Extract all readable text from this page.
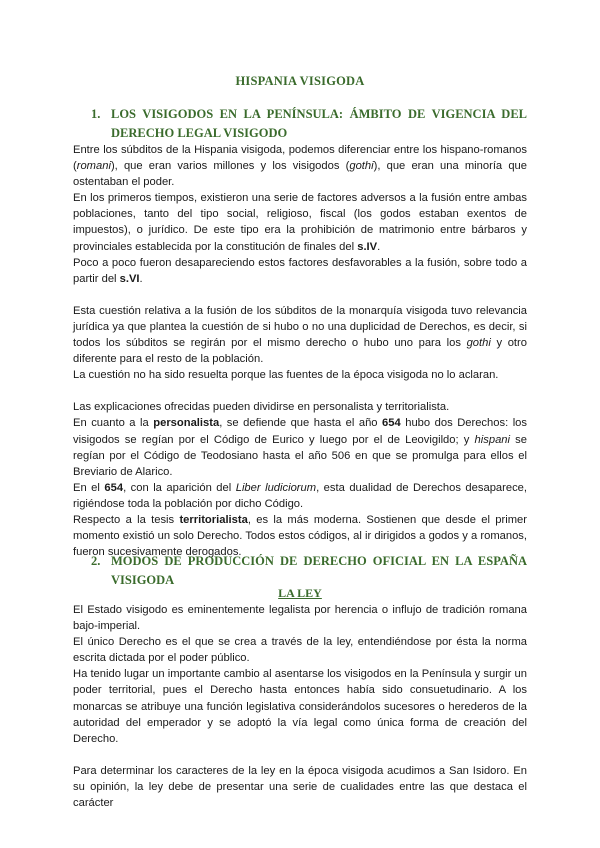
HISPANIA VISIGODA
1. LOS VISIGODOS EN LA PENÍNSULA: ÁMBITO DE VIGENCIA DEL DERECHO LEGAL VISIGODO

Entre los súbditos de la Hispania visigoda, podemos diferenciar entre los hispano-romanos (romani), que eran varios millones y los visigodos (gothi), que eran una minoría que ostentaban el poder.

En los primeros tiempos, existieron una serie de factores adversos a la fusión entre ambas poblaciones, tanto del tipo social, religioso, fiscal (los godos estaban exentos de impuestos), o jurídico. De este tipo era la prohibición de matrimonio entre bárbaros y provinciales establecida por la constitución de finales del s.IV.

Poco a poco fueron desapareciendo estos factores desfavorables a la fusión, sobre todo a partir del s.VI.

Esta cuestión relativa a la fusión de los súbditos de la monarquía visigoda tuvo relevancia jurídica ya que plantea la cuestión de si hubo o no una duplicidad de Derechos, es decir, si todos los súbditos se regirán por el mismo derecho o hubo uno para los gothi y otro diferente para el resto de la población.

La cuestión no ha sido resuelta porque las fuentes de la época visigoda no lo aclaran.

Las explicaciones ofrecidas pueden dividirse en personalista y territorialista.

En cuanto a la personalista, se defiende que hasta el año 654 hubo dos Derechos: los visigodos se regían por el Código de Eurico y luego por el de Leovigildo; y hispani se regían por el Código de Teodosiano hasta el año 506 en que se promulga para ellos el Breviario de Alarico.

En el 654, con la aparición del Liber ludiciorum, esta dualidad de Derechos desaparece, rigiéndose toda la población por dicho Código.

Respecto a la tesis territorialista, es la más moderna. Sostienen que desde el primer momento existió un solo Derecho. Todos estos códigos, al ir dirigidos a godos y a romanos, fueron sucesivamente derogados.

2. MODOS DE PRODUCCIÓN DE DERECHO OFICIAL EN LA ESPAÑA VISIGODA
LA LEY

El Estado visigodo es eminentemente legalista por herencia o influjo de tradición romana bajo-imperial.

El único Derecho es el que se crea a través de la ley, entendiéndose por ésta la norma escrita dictada por el poder público.

Ha tenido lugar un importante cambio al asentarse los visigodos en la Península y surgir un poder territorial, pues el Derecho hasta entonces había sido consuetudinario. A los monarcas se atribuye una función legislativa considerándolos sucesores o herederos de la autoridad del emperador y se adoptó la vía legal como única forma de creación del Derecho.

Para determinar los caracteres de la ley en la época visigoda acudimos a San Isidoro. En su opinión, la ley debe de presentar una serie de cualidades entre las que destaca el carácter
